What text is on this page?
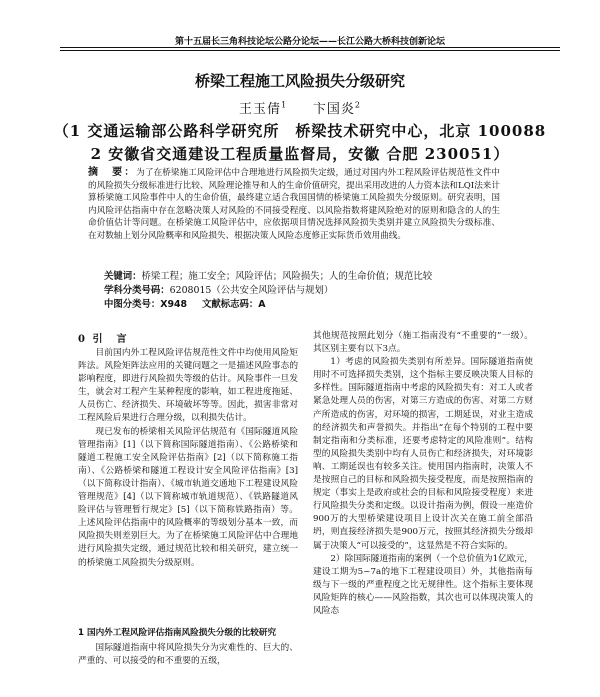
第十五届长三角科技论坛公路分论坛——长江公路大桥科技创新论坛
桥梁工程施工风险损失分级研究
王玉倩$^1$ 卞国炎$^2$
（1 交通运输部公路科学研究所　桥梁技术研究中心，北京 100088
2 安徽省交通建设工程质量监督局，安徽 合肥 230051）
摘　要：为了在桥梁施工风险评估中合理地进行风险损失定级，通过对国内外工程风险评估规范性文件中的风险损失分级标准进行比较、风险理论推导和人的生命价值研究，提出采用改进的人力资本法和LQI法来计算桥梁施工风险事件中人的生命价值，最终建立适合我国国情的桥梁施工风险损失分级原则。研究表明，国内风险评估指南中存在忽略决策人对风险的不同接受程度、以风险指数将建风险绝对的原则和隐含的人的生命价值估计等问题。在桥梁施工风险评估中，应依据项目情况选择风险损失类别并建立风险损失分级标准、在对数轴上划分风险概率和风险损失、根据决策人风险态度修正实际货币效用曲线。
关键词：桥梁工程；施工安全；风险评估；风险损失；人的生命价值；规范比较
学科分类号码：6208015（公共安全风险评估与规划）
中图分类号：X948 文献标志码：A
0 引　言

目前国内外工程风险评估规范性文件中均使用风险矩阵法。风险矩阵法应用的关键问题之一是描述风险事态的影响程度，即进行风险损失等级的估计。风险事件一旦发生，就会对工程产生某种程度的影响，如工程进度拖延、人员伤亡、经济损失、环境破坏等等。因此，损害非常对工程风险后果进行合理分级，以利损失估计。

现已发布的桥梁相关风险评估规范有《国际隧道风险管理指南》[1]（以下简称国际隧道指南）、《公路桥梁和隧道工程施工安全风险评估指南》[2]（以下简称施工指南）、《公路桥梁和隧道工程设计安全风险评估指南》[3]（以下简称设计指南）、《城市轨道交通地下工程建设风险管理规范》[4]（以下简称城市轨道规范）、《铁路隧道风险评估与管理暂行规定》[5]（以下简称铁路指南）等。上述风险评估指南中的风险概率的等级划分基本一致，而风险损失则差别巨大。为了在桥梁施工风险评估中合理地进行风险损失定级，通过规范比较和相关研究，建立统一的桥梁施工风险损失分级原则。

1 国内外工程风险评估指南风险损失分级的比较研究

国际隧道指南中将风险损失分为灾难性的、巨大的、严重的、可以接受的和不重要的五级，

其他规范按照此划分（施工指南没有“不重要的”一级）。其区别主要有以下3点。

1）考虑的风险损失类别有所差异。国际隧道指南使用时不可选择损失类别，这个指标主要反映决策人目标的多样性。国际隧道指南中考虑的风险损失有：对工人或者紧急处理人员的伤害，对第三方造成的伤害、对第二方财产所造成的伤害，对环境的损害，工期延误，对业主造成的经济损失和声誉损失。并指出“在每个特别的工程中要制定指南和分类标准，还要考虑特定的风险准则”。结构型的风险损失类别中均有人员伤亡和经济损失，对环境影响、工期延误也有较多关注。使用国内指南时，决策人不是按照自己的目标和风险损失接受程度，而是按照指南的规定（事实上是政府或社会的目标和风险接受程度）来进行风险损失分类和定级。以设计指南为例，假设一座造价900万的大型桥梁建设项目上设计次关在施工前全部沿坍，则直接经济损失是900万元，按照其经济损失分级却属于决策人“可以接受的”，这显然是不符合实际的。

2）除国际隧道指南的案例（一个总价值为1亿欧元，建设工期为5~7a的地下工程建设项目）外，其他指南每级与下一级的严重程度之比无规律性。这个指标主要体现风险矩阵的核心——风险指数，其次也可以体现决策人的风险态
